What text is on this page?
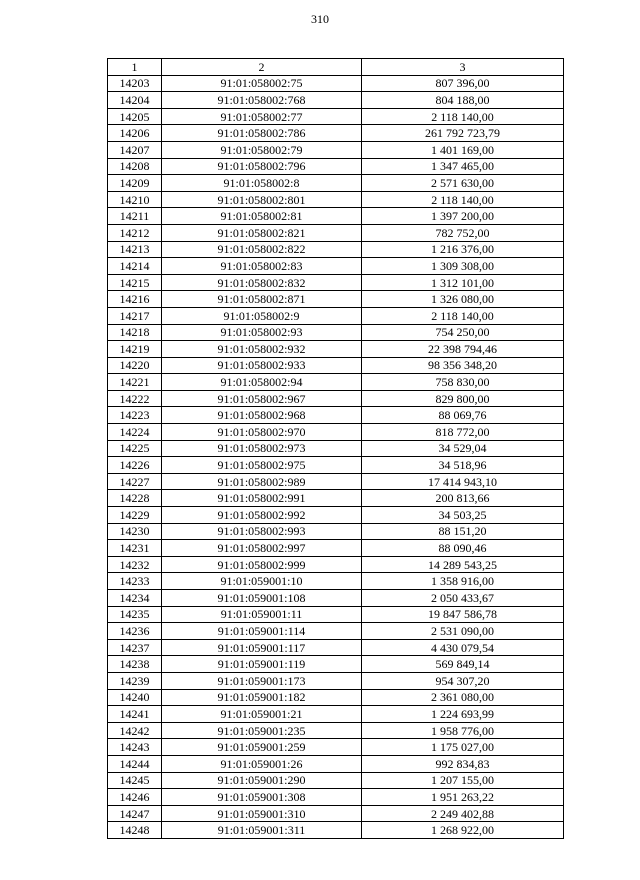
310
1	2	3
14203	91:01:058002:75	807 396,00
14204	91:01:058002:768	804 188,00
14205	91:01:058002:77	2 118 140,00
14206	91:01:058002:786	261 792 723,79
14207	91:01:058002:79	1 401 169,00
14208	91:01:058002:796	1 347 465,00
14209	91:01:058002:8	2 571 630,00
14210	91:01:058002:801	2 118 140,00
14211	91:01:058002:81	1 397 200,00
14212	91:01:058002:821	782 752,00
14213	91:01:058002:822	1 216 376,00
14214	91:01:058002:83	1 309 308,00
14215	91:01:058002:832	1 312 101,00
14216	91:01:058002:871	1 326 080,00
14217	91:01:058002:9	2 118 140,00
14218	91:01:058002:93	754 250,00
14219	91:01:058002:932	22 398 794,46
14220	91:01:058002:933	98 356 348,20
14221	91:01:058002:94	758 830,00
14222	91:01:058002:967	829 800,00
14223	91:01:058002:968	88 069,76
14224	91:01:058002:970	818 772,00
14225	91:01:058002:973	34 529,04
14226	91:01:058002:975	34 518,96
14227	91:01:058002:989	17 414 943,10
14228	91:01:058002:991	200 813,66
14229	91:01:058002:992	34 503,25
14230	91:01:058002:993	88 151,20
14231	91:01:058002:997	88 090,46
14232	91:01:058002:999	14 289 543,25
14233	91:01:059001:10	1 358 916,00
14234	91:01:059001:108	2 050 433,67
14235	91:01:059001:11	19 847 586,78
14236	91:01:059001:114	2 531 090,00
14237	91:01:059001:117	4 430 079,54
14238	91:01:059001:119	569 849,14
14239	91:01:059001:173	954 307,20
14240	91:01:059001:182	2 361 080,00
14241	91:01:059001:21	1 224 693,99
14242	91:01:059001:235	1 958 776,00
14243	91:01:059001:259	1 175 027,00
14244	91:01:059001:26	992 834,83
14245	91:01:059001:290	1 207 155,00
14246	91:01:059001:308	1 951 263,22
14247	91:01:059001:310	2 249 402,88
14248	91:01:059001:311	1 268 922,00
